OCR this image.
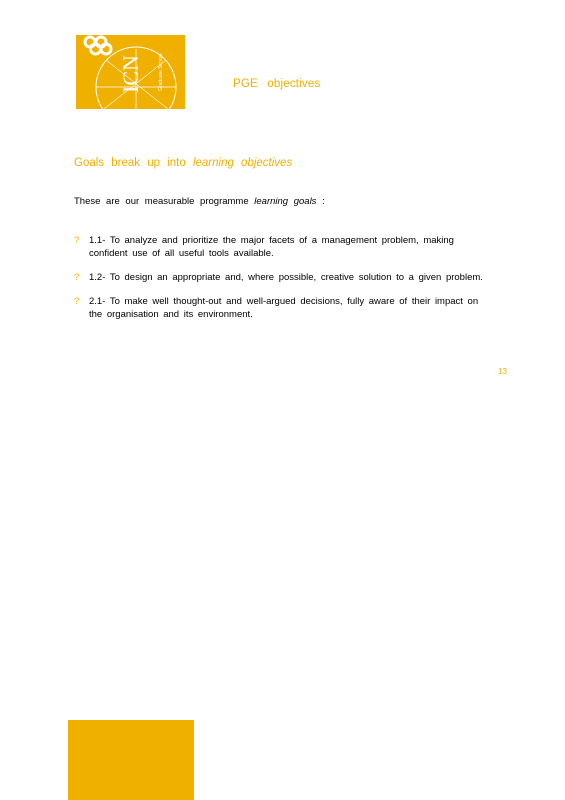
ICN	Graduate School	PGE objectives
Goals break up into learning objectives
These are our measurable programme learning goals :
? 1.1- To analyze and prioritize the major facets of a management problem, making confident use of all useful tools available.
? 1.2- To design an appropriate and, where possible, creative solution to a given problem.
? 2.1- To make well thought-out and well-argued decisions, fully aware of their impact on the organisation and its environment.
13
